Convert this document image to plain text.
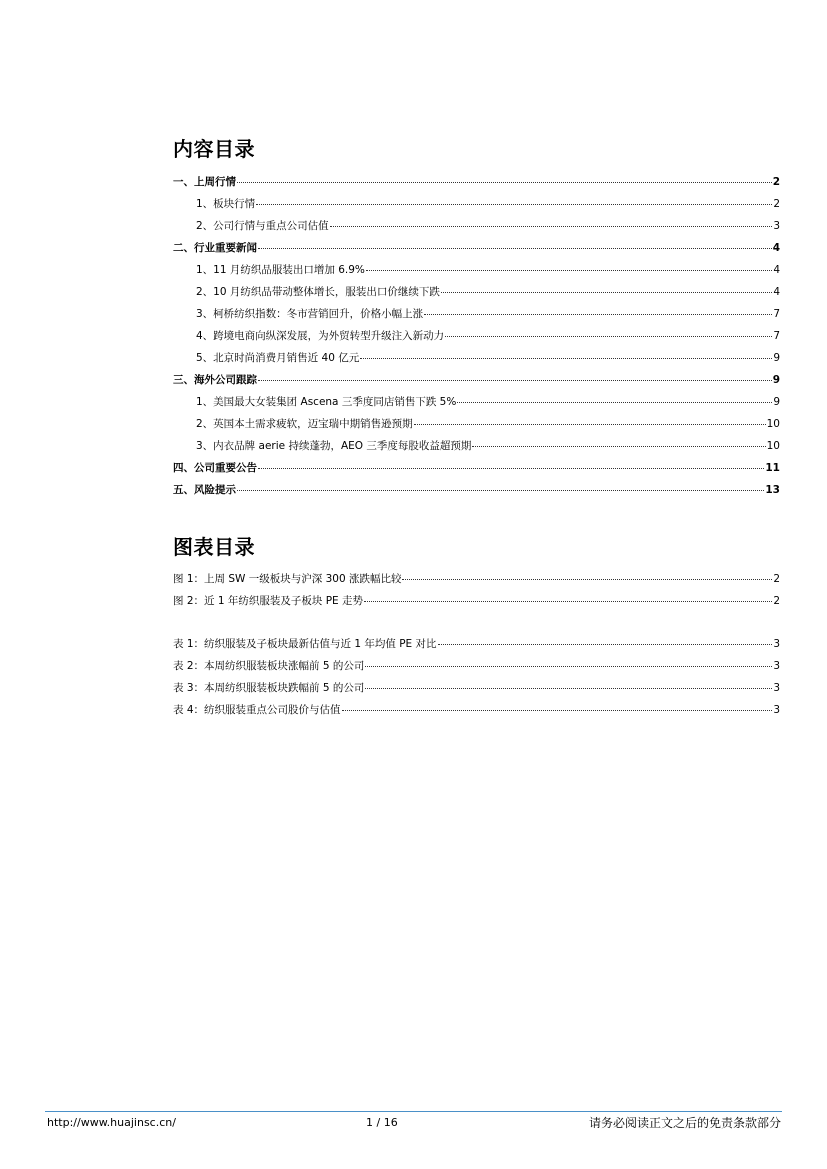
内容目录
一、上周行情	2
1、板块行情	2
2、公司行情与重点公司估值	3
二、行业重要新闻	4
1、11 月纺织品服装出口增加 6.9%	4
2、10 月纺织品带动整体增长，服装出口价继续下跌	4
3、柯桥纺织指数：冬市营销回升，价格小幅上涨	7
4、跨境电商向纵深发展，为外贸转型升级注入新动力	7
5、北京时尚消费月销售近 40 亿元	9
三、海外公司跟踪	9
1、美国最大女装集团 Ascena 三季度同店销售下跌 5%	9
2、英国本土需求疲软，迈宝瑞中期销售逊预期	10
3、内衣品牌 aerie 持续蓬勃，AEO 三季度每股收益超预期	10
四、公司重要公告	11
五、风险提示	13
图表目录
图 1：上周 SW 一级板块与沪深 300 涨跌幅比较	2
图 2：近 1 年纺织服装及子板块 PE 走势	2
表 1：纺织服装及子板块最新估值与近 1 年均值 PE 对比	3
表 2：本周纺织服装板块涨幅前 5 的公司	3
表 3：本周纺织服装板块跌幅前 5 的公司	3
表 4：纺织服装重点公司股价与估值	3
http://www.huajinsc.cn/	1 / 16	请务必阅读正文之后的免责条款部分
